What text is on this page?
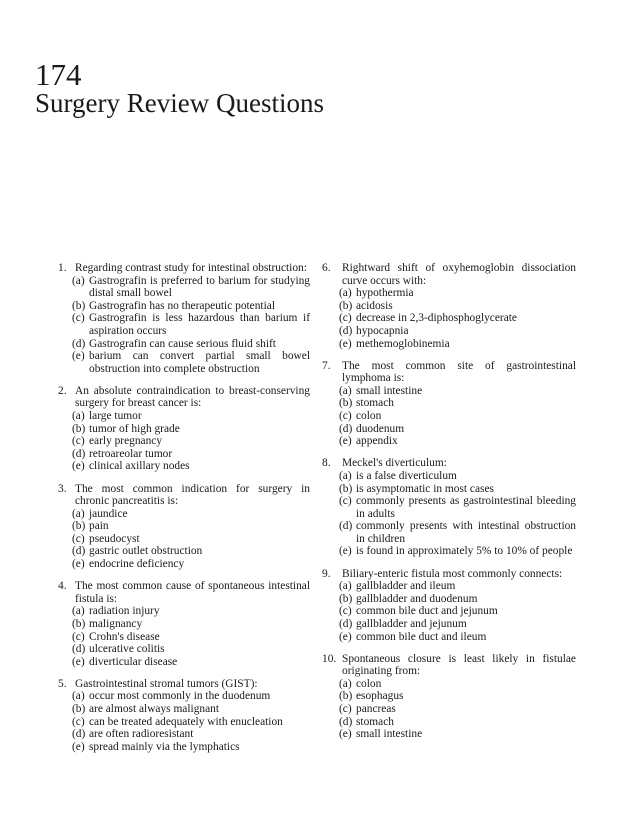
174
Surgery Review Questions
1. Regarding contrast study for intestinal obstruction:
(a) Gastrografin is preferred to barium for studying distal small bowel
(b) Gastrografin has no therapeutic potential
(c) Gastrografin is less hazardous than barium if aspiration occurs
(d) Gastrografin can cause serious fluid shift
(e) barium can convert partial small bowel obstruction into complete obstruction
2. An absolute contraindication to breast-conserving surgery for breast cancer is:
(a) large tumor
(b) tumor of high grade
(c) early pregnancy
(d) retroareolar tumor
(e) clinical axillary nodes
3. The most common indication for surgery in chronic pancreatitis is:
(a) jaundice
(b) pain
(c) pseudocyst
(d) gastric outlet obstruction
(e) endocrine deficiency
4. The most common cause of spontaneous intestinal fistula is:
(a) radiation injury
(b) malignancy
(c) Crohn's disease
(d) ulcerative colitis
(e) diverticular disease
5. Gastrointestinal stromal tumors (GIST):
(a) occur most commonly in the duodenum
(b) are almost always malignant
(c) can be treated adequately with enucleation
(d) are often radioresistant
(e) spread mainly via the lymphatics
6. Rightward shift of oxyhemoglobin dissociation curve occurs with:
(a) hypothermia
(b) acidosis
(c) decrease in 2,3-diphosphoglycerate
(d) hypocapnia
(e) methemoglobinemia
7. The most common site of gastrointestinal lymphoma is:
(a) small intestine
(b) stomach
(c) colon
(d) duodenum
(e) appendix
8. Meckel's diverticulum:
(a) is a false diverticulum
(b) is asymptomatic in most cases
(c) commonly presents as gastrointestinal bleeding in adults
(d) commonly presents with intestinal obstruction in children
(e) is found in approximately 5% to 10% of people
9. Biliary-enteric fistula most commonly connects:
(a) gallbladder and ileum
(b) gallbladder and duodenum
(c) common bile duct and jejunum
(d) gallbladder and jejunum
(e) common bile duct and ileum
10. Spontaneous closure is least likely in fistulae originating from:
(a) colon
(b) esophagus
(c) pancreas
(d) stomach
(e) small intestine
